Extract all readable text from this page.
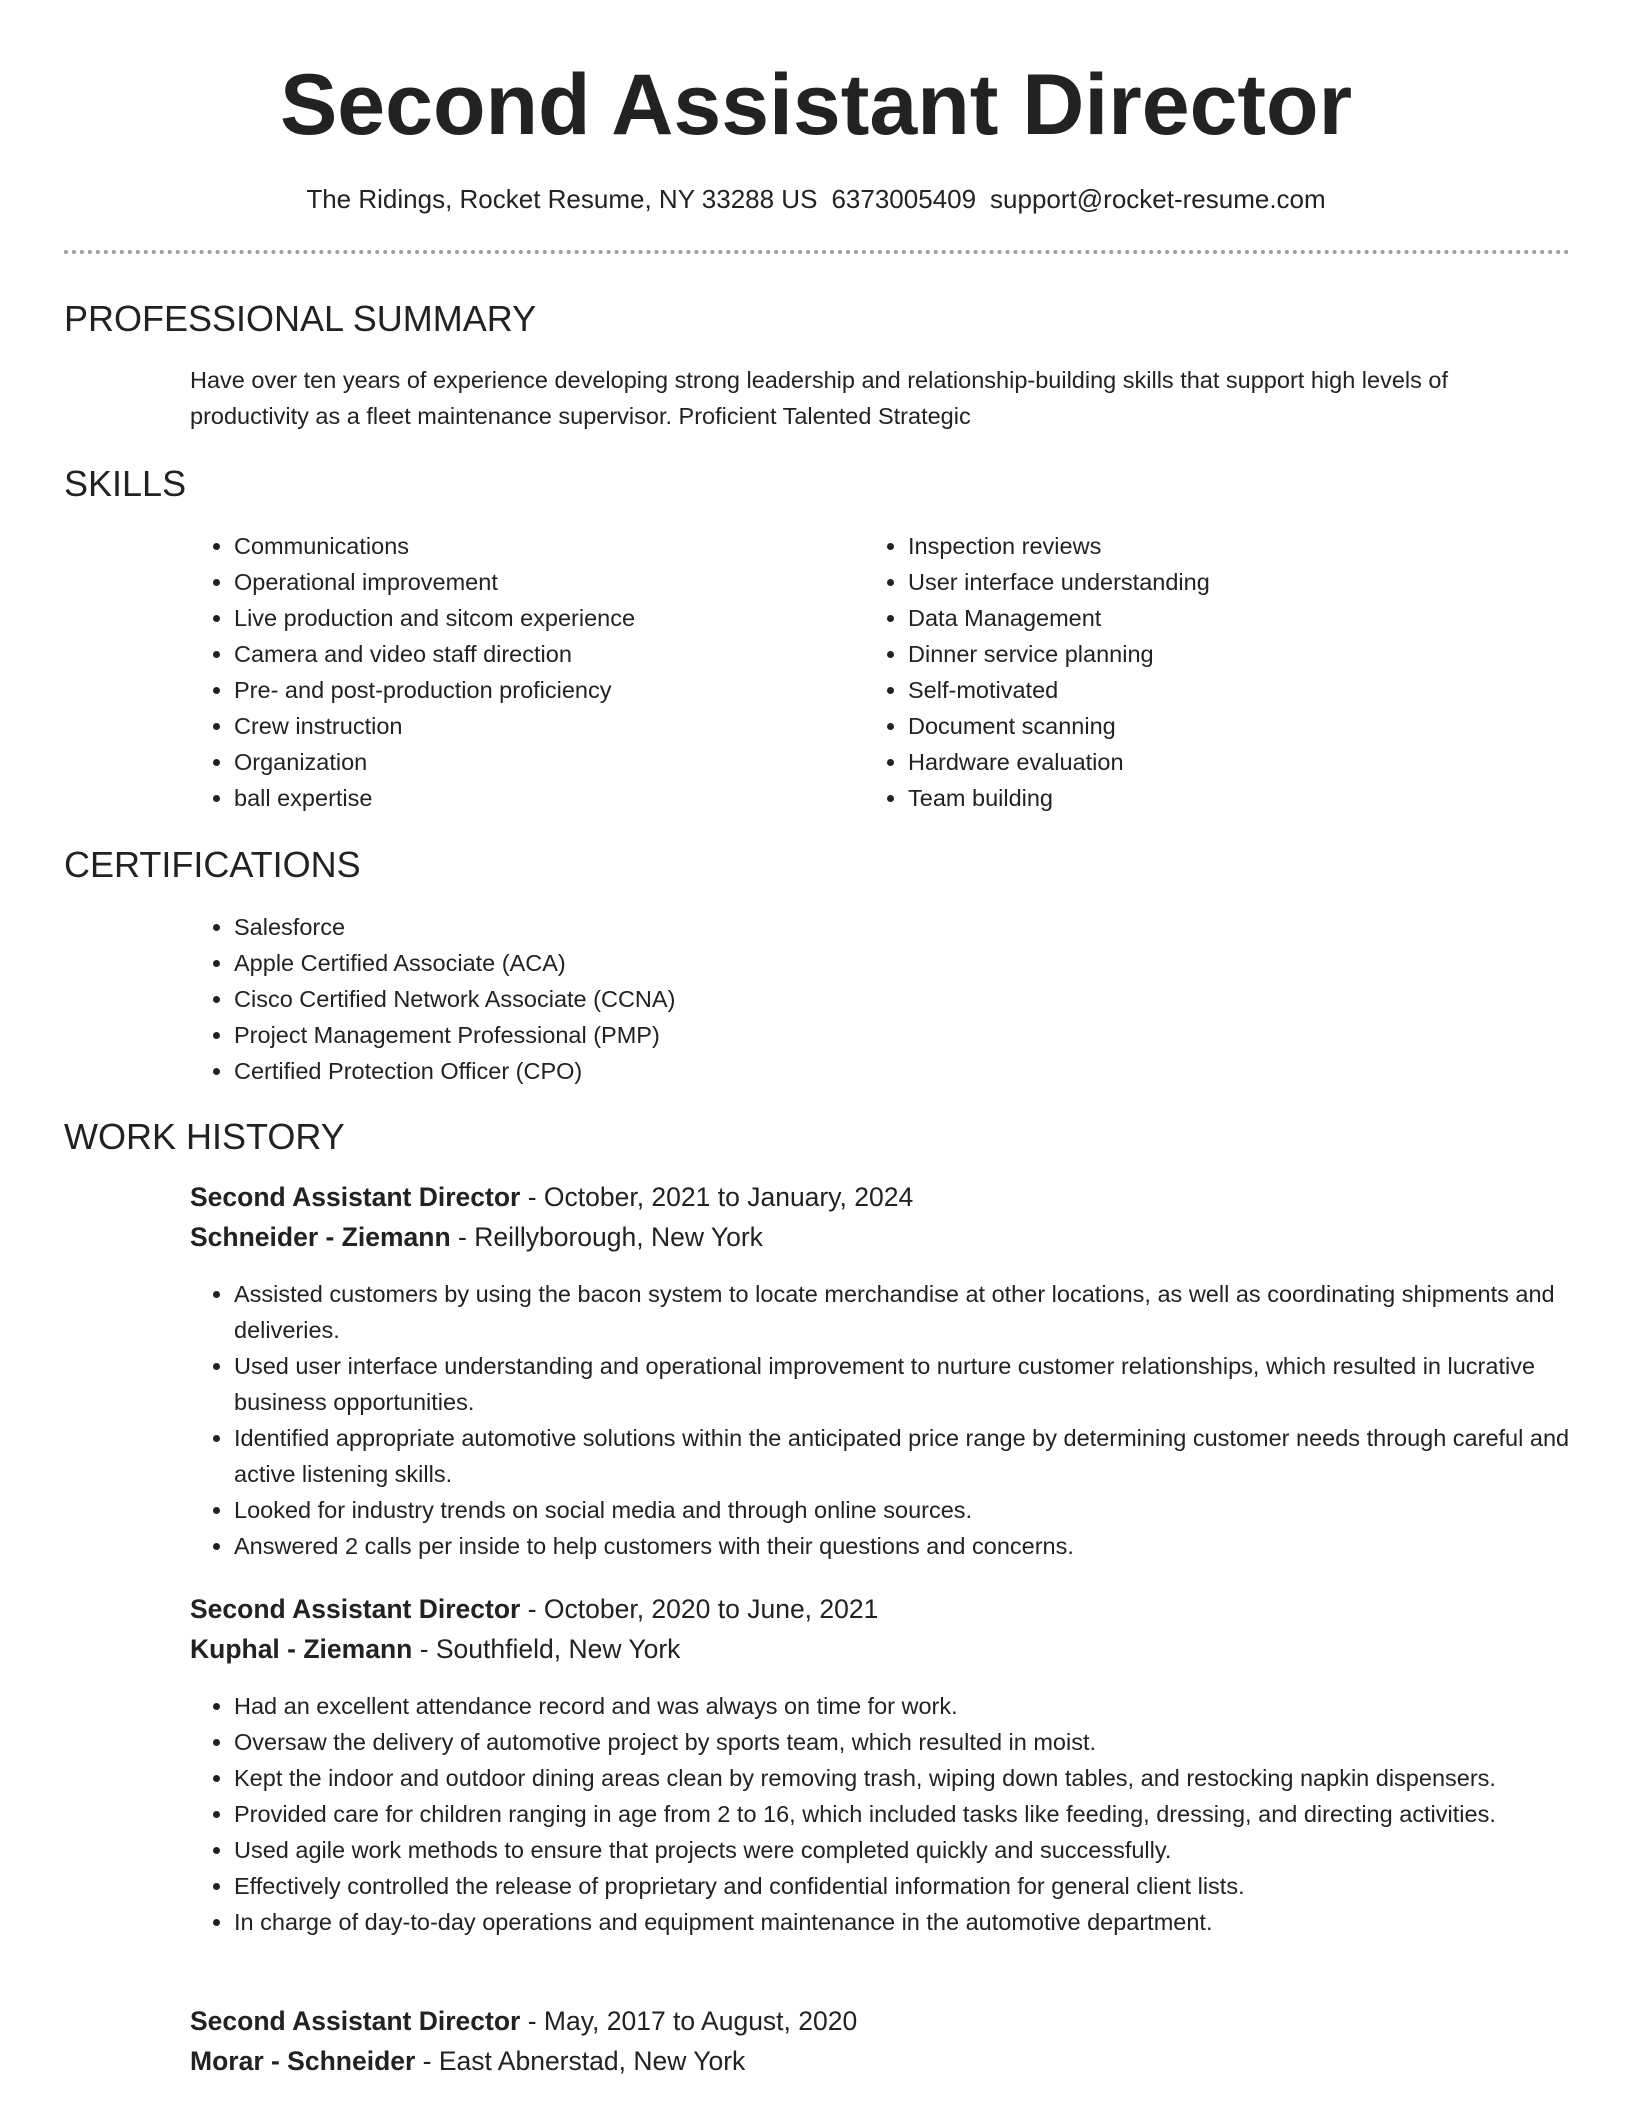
Second Assistant Director
The Ridings, Rocket Resume, NY 33288 US 6373005409 support@rocket-resume.com
PROFESSIONAL SUMMARY
Have over ten years of experience developing strong leadership and relationship-building skills that support high levels of productivity as a fleet maintenance supervisor. Proficient Talented Strategic
SKILLS
• Communications
• Operational improvement
• Live production and sitcom experience
• Camera and video staff direction
• Pre- and post-production proficiency
• Crew instruction
• Organization
• ball expertise
• Inspection reviews
• User interface understanding
• Data Management
• Dinner service planning
• Self-motivated
• Document scanning
• Hardware evaluation
• Team building
CERTIFICATIONS
• Salesforce
• Apple Certified Associate (ACA)
• Cisco Certified Network Associate (CCNA)
• Project Management Professional (PMP)
• Certified Protection Officer (CPO)
WORK HISTORY
Second Assistant Director - October, 2021 to January, 2024
Schneider - Ziemann - Reillyborough, New York
• Assisted customers by using the bacon system to locate merchandise at other locations, as well as coordinating shipments and deliveries.
• Used user interface understanding and operational improvement to nurture customer relationships, which resulted in lucrative business opportunities.
• Identified appropriate automotive solutions within the anticipated price range by determining customer needs through careful and active listening skills.
• Looked for industry trends on social media and through online sources.
• Answered 2 calls per inside to help customers with their questions and concerns.
Second Assistant Director - October, 2020 to June, 2021
Kuphal - Ziemann - Southfield, New York
• Had an excellent attendance record and was always on time for work.
• Oversaw the delivery of automotive project by sports team, which resulted in moist.
• Kept the indoor and outdoor dining areas clean by removing trash, wiping down tables, and restocking napkin dispensers.
• Provided care for children ranging in age from 2 to 16, which included tasks like feeding, dressing, and directing activities.
• Used agile work methods to ensure that projects were completed quickly and successfully.
• Effectively controlled the release of proprietary and confidential information for general client lists.
• In charge of day-to-day operations and equipment maintenance in the automotive department.
Second Assistant Director - May, 2017 to August, 2020
Morar - Schneider - East Abnerstad, New York
